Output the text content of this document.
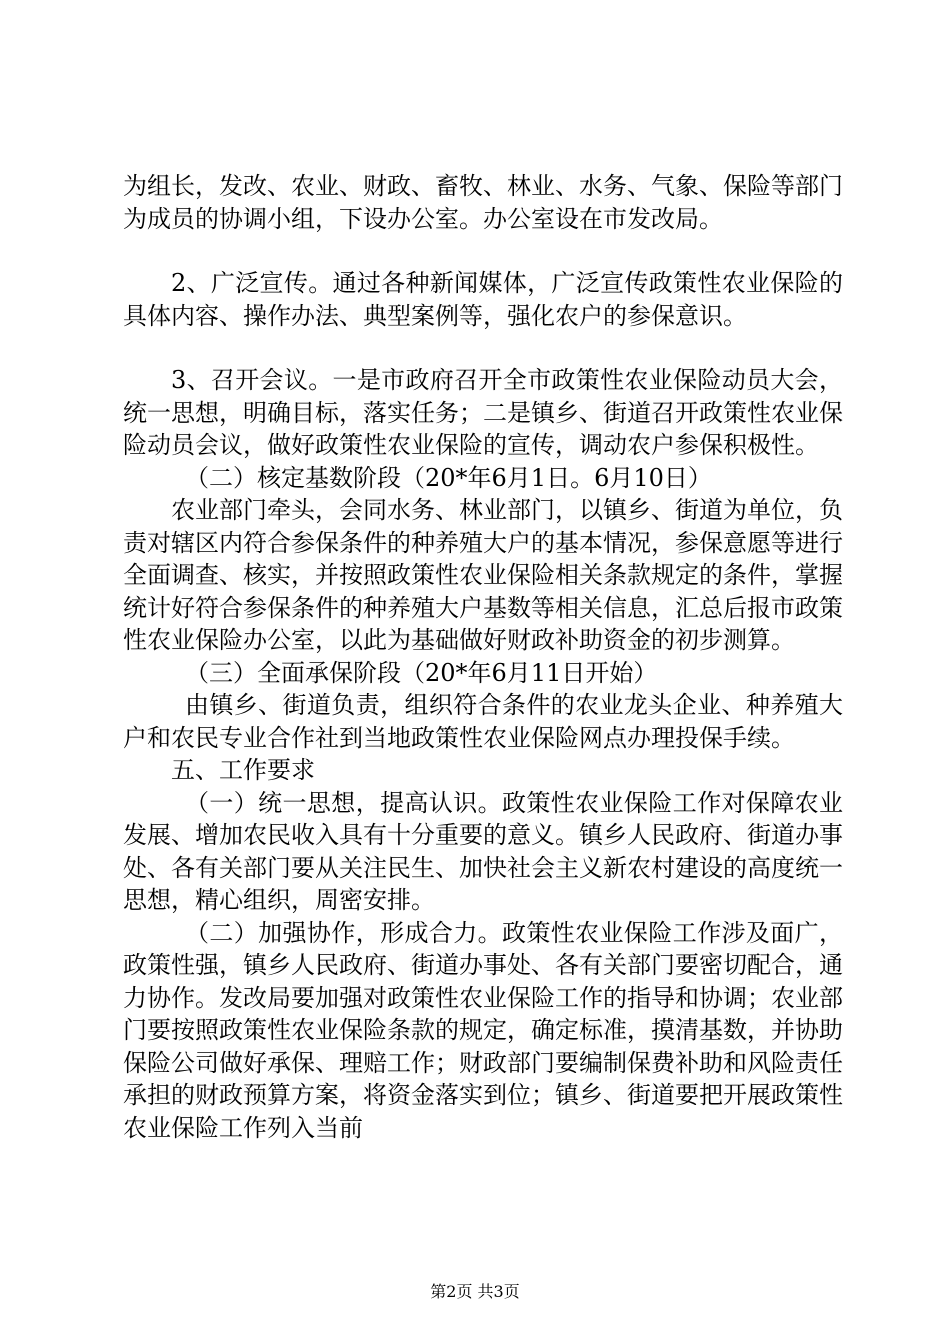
为组长，发改、农业、财政、畜牧、林业、水务、气象、保险等部门为成员的协调小组，下设办公室。办公室设在市发改局。

2、广泛宣传。通过各种新闻媒体，广泛宣传政策性农业保险的具体内容、操作办法、典型案例等，强化农户的参保意识。

3、召开会议。一是市政府召开全市政策性农业保险动员大会，统一思想，明确目标，落实任务；二是镇乡、街道召开政策性农业保险动员会议，做好政策性农业保险的宣传，调动农户参保积极性。

（二）核定基数阶段（20*年6月1日。6月10日）

农业部门牵头，会同水务、林业部门，以镇乡、街道为单位，负责对辖区内符合参保条件的种养殖大户的基本情况，参保意愿等进行全面调查、核实，并按照政策性农业保险相关条款规定的条件，掌握统计好符合参保条件的种养殖大户基数等相关信息，汇总后报市政策性农业保险办公室，以此为基础做好财政补助资金的初步测算。

（三）全面承保阶段（20*年6月11日开始）

由镇乡、街道负责，组织符合条件的农业龙头企业、种养殖大户和农民专业合作社到当地政策性农业保险网点办理投保手续。

五、工作要求

（一）统一思想，提高认识。政策性农业保险工作对保障农业发展、增加农民收入具有十分重要的意义。镇乡人民政府、街道办事处、各有关部门要从关注民生、加快社会主义新农村建设的高度统一思想，精心组织，周密安排。

（二）加强协作，形成合力。政策性农业保险工作涉及面广，政策性强，镇乡人民政府、街道办事处、各有关部门要密切配合，通力协作。发改局要加强对政策性农业保险工作的指导和协调；农业部门要按照政策性农业保险条款的规定，确定标准，摸清基数，并协助保险公司做好承保、理赔工作；财政部门要编制保费补助和风险责任承担的财政预算方案，将资金落实到位；镇乡、街道要把开展政策性农业保险工作列入当前

第2页 共3页
